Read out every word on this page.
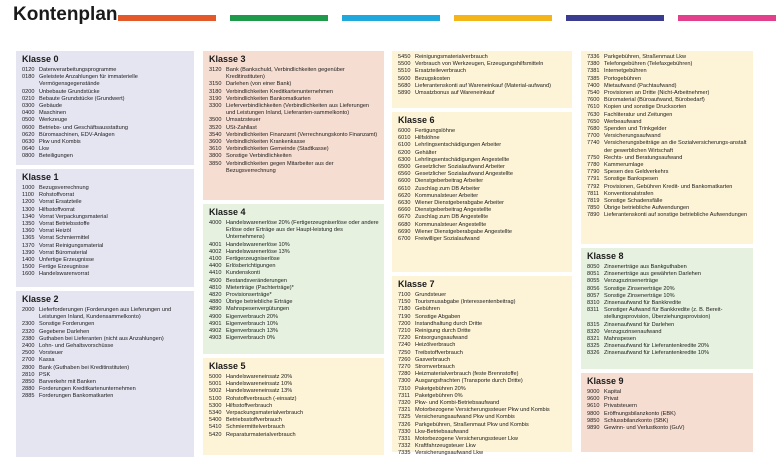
Kontenplan
Klasse 0
0120 Datenverarbeitungsprogramme
0180 Geleistete Anzahlungen für immaterielle Vermögensgegenstände
0200 Unbebaute Grundstücke
0210 Bebaute Grundstücke (Grundwert)
0300 Gebäude
0400 Maschinen
0500 Werkzeuge
0600 Betriebs- und Geschäftsausstattung
0620 Büromaschinen, EDV-Anlagen
0630 Pkw und Kombis
0640 Lkw
0800 Beteiligungen
Klasse 1
1000 Bezugsverrechnung
1100 Rohstoffvorrat
1200 Vorrat Ersatzteile
1300 Hilfsstoffvorrat
1340 Vorrat Verpackungsmaterial
1350 Vorrat Betriebsstoffe
1360 Vorrat Heizöl
1365 Vorrat Schmiermittel
1370 Vorrat Reinigungsmaterial
1390 Vorrat Büromaterial
1400 Unfertige Erzeugnisse
1500 Fertige Erzeugnisse
1600 Handelswarenvorrat
Klasse 2
2000 Lieferforderungen (Forderungen aus Lieferungen und Leistungen Inland, Kundensammelkonto)
2300 Sonstige Forderungen
2320 Gegebene Darlehen
2380 Guthaben bei Lieferanten (nicht aus Anzahlungen)
2400 Lohn- und Gehaltsvorschüsse
2500 Vorsteuer
2700 Kassa
2800 Bank (Guthaben bei Kreditinstituten)
2810 PSK
2850 Barverkehr mit Banken
2880 Forderungen Kreditkartenunternehmen
2885 Forderungen Bankomatkarten
Klasse 3
3120 Bank (Bankschuld, Verbindlichkeiten gegenüber Kreditinstituten)
3150 Darlehen (von einer Bank)
3180 Verbindlichkeiten Kreditkartenunternehmen
3190 Verbindlichkeiten Bankomatkarten
3300 Lieferverbindlichkeiten (Verbindlichkeiten aus Lieferungen und Leistungen Inland, Lieferanten-sammelkonto)
3500 Umsatzsteuer
3520 USt-Zahllast
3540 Verbindlichkeiten Finanzamt (Verrechnungskonto Finanzamt)
3600 Verbindlichkeiten Krankenkasse
3610 Verbindlichkeiten Gemeinde (Stadtkasse)
3800 Sonstige Verbindlichkeiten
3850 Verbindlichkeiten gegen Mitarbeiter aus der Bezugsverrechnung
Klasse 4
4000 Handelswarenerlöse 20% (Fertigerzeugniserlöse oder andere Erlöse oder Erträge aus der Haupt-leistung des Unternehmens)
4001 Handelswarenerlöse 10%
4002 Handelswarenerlöse 13%
4100 Fertigerzeugniserlöse
4400 Erlösberichtigungen
4410 Kundenskonti
4500 Bestandsveränderungen
4810 Mieterträge (Pachterträge)*
4820 Provisionserträge*
4880 Übrige betriebliche Erträge
4890 Mahnspesenvergütungen
4900 Eigenverbrauch 20%
4901 Eigenverbrauch 10%
4902 Eigenverbrauch 13%
4903 Eigenverbrauch 0%
Klasse 5
5000 Handelswareneinsatz 20%
5001 Handelswareneinsatz 10%
5002 Handelswareneinsatz 13%
5100 Rohstoffverbrauch (-einsatz)
5300 Hilfsstoffverbrauch
5340 Verpackungsmaterialverbrauch
5400 Betriebsstoffverbrauch
5410 Schmiermittelverbrauch
5420 Reparaturmaterialverbrauch
5450 Reinigungsmaterialverbrauch
5500 Verbrauch von Werkzeugen, Erzeugungshilfsmitteln
5510 Ersatzteileverbrauch
5600 Bezugskosten
5680 Lieferantenskonti auf Wareneinkauf (Material-aufwand)
5890 Umsatzbonus auf Wareneinkauf
Klasse 6
6000 Fertigungslöhne
6010 Hilfslöhne
6100 Lehrlingsentschädigungen Arbeiter
6200 Gehälter
6300 Lehrlingsentschädigungen Angestellte
6500 Gesetzlicher Sozialaufwand Arbeiter
6560 Gesetzlicher Sozialaufwand Angestellte
6600 Dienstgeberbeitrag Arbeiter
6610 Zuschlag zum DB Arbeiter
6620 Kommunalsteuer Arbeiter
6630 Wiener Dienstgeberabgabe Arbeiter
6660 Dienstgeberbeitrag Angestellte
6670 Zuschlag zum DB Angestellte
6680 Kommunalsteuer Angestellte
6690 Wiener Dienstgeberabgabe Angestellte
6700 Freiwilliger Sozialaufwand
Klasse 7
7100 Grundsteuer
7150 Tourismusabgabe (Interessentenbeitrag)
7180 Gebühren
7190 Sonstige Abgaben
7200 Instandhaltung durch Dritte
7210 Reinigung durch Dritte
7220 Entsorgungsaufwand
7240 Heizölverbrauch
7250 Treibstoffverbrauch
7260 Gasverbrauch
7270 Stromverbrauch
7280 Heizmaterialverbrauch (feste Brennstoffe)
7300 Ausgangsfrachten (Transporte durch Dritte)
7310 Paketgebühren 20%
7311 Paketgebühren 0%
7320 Pkw- und Kombi-Betriebsaufwand
7321 Motorbezogene Versicherungssteuer Pkw und Kombis
7325 Versicherungsaufwand Pkw und Kombis
7326 Parkgebühren, Straßenmaut Pkw und Kombis
7330 Lkw-Betriebsaufwand
7331 Motorbezogene Versicherungssteuer Lkw
7332 Kraftfahrzeugsteuer Lkw
7335 Versicherungsaufwand Lkw
7336 Parkgebühren, Straßenmaut Lkw
7380 Telefongebühren (Telefaxgebühren)
7381 Internetgebühren
7385 Portogebühren
7400 Mietaufwand (Pachtaufwand)
7540 Provisionen an Dritte (Nicht-Arbeitnehmer)
7600 Büromaterial (Büroaufwand, Bürobedarf)
7610 Kopien und sonstige Drucksorten
7630 Fachliteratur und Zeitungen
7650 Werbeaufwand
7680 Spenden und Trinkgelder
7700 Versicherungsaufwand
7740 Versicherungsbeiträge an die Sozialversicherungs-anstalt der gewerblichen Wirtschaft
7750 Rechts- und Beratungsaufwand
7780 Kammerumlage
7790 Spesen des Geldverkehrs
7791 Sonstige Bankspesen
7792 Provisionen, Gebühren Kredit- und Bankomatkarten
7811 Konventionalstrafen
7819 Sonstige Schadensfälle
7850 Übrige betriebliche Aufwendungen
7890 Lieferantenskonti auf sonstige betriebliche Aufwendungen
Klasse 8
8050 Zinsenerträge aus Bankguthaben
8051 Zinsenerträge aus gewährten Darlehen
8055 Verzugszinsenerträge
8056 Sonstige Zinsenerträge 20%
8057 Sonstige Zinsenerträge 10%
8310 Zinsenaufwand für Bankkredite
8311 Sonstiger Aufwand für Bankkredite (z. B. Bereit-stellungsprovision, Überziehungsprovision)
8315 Zinsenaufwand für Darlehen
8320 Verzugszinsenaufwand
8321 Mahnspesen
8325 Zinsenaufwand für Lieferantenkredite 20%
8326 Zinsenaufwand für Lieferantenkredite 10%
Klasse 9
9000 Kapital
9600 Privat
9610 Privatsteuern
9800 Eröffnungsbilanzkonto (EBK)
9850 Schlussbilanzkonto (SBK)
9890 Gewinn- und Verlustkonto (GuV)
